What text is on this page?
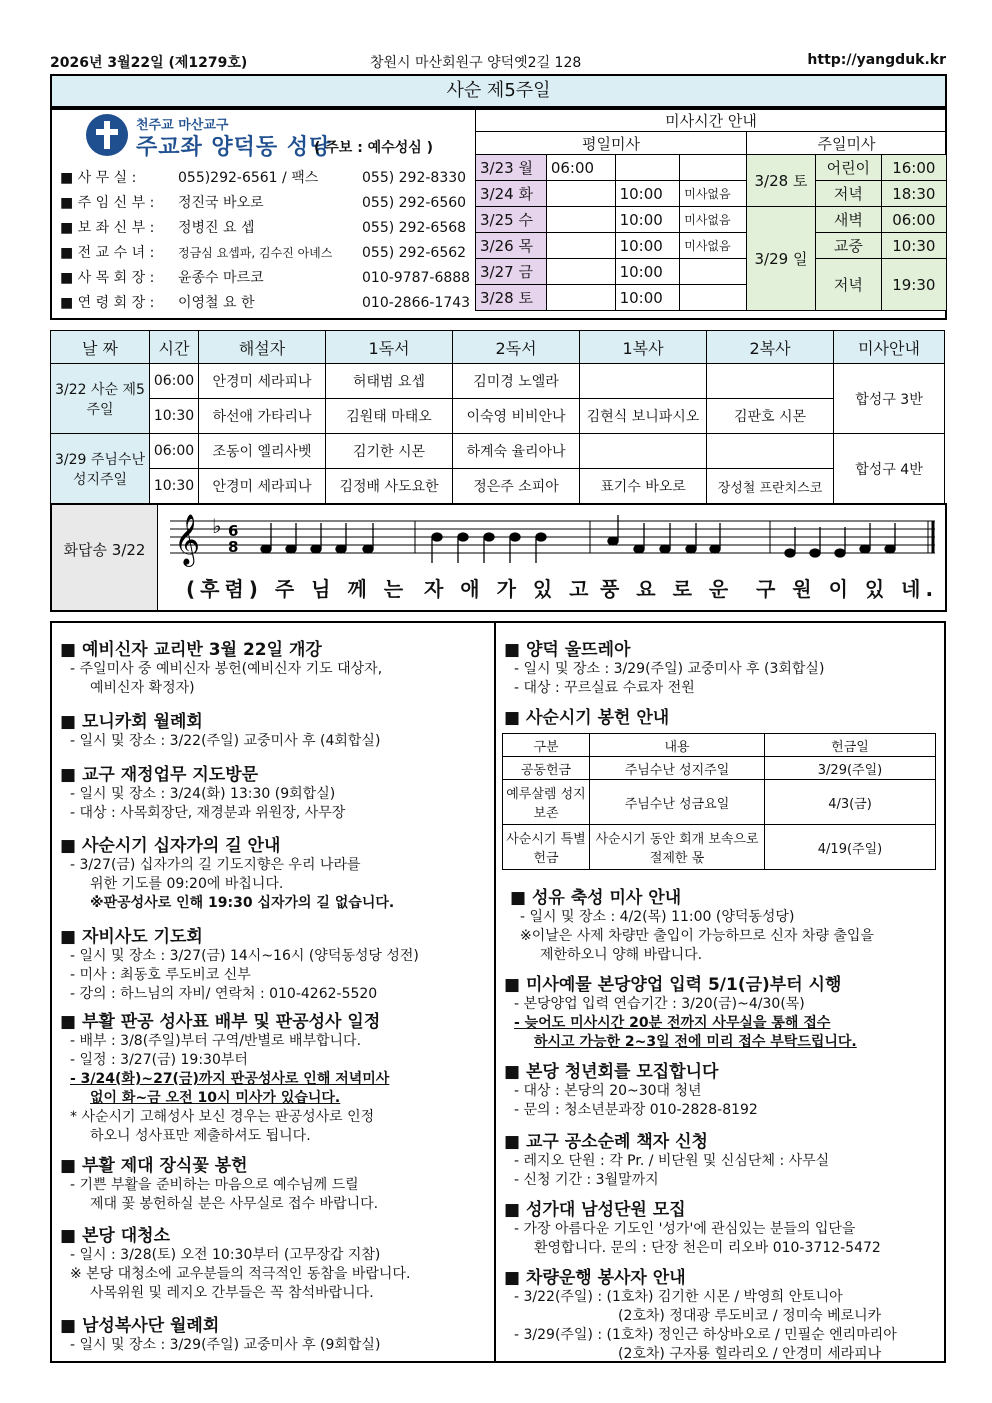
2026년 3월22일 (제1279호)	창원시 마산회원구 양덕옛2길 128	http://yangduk.kr
사순 제5주일
천주교 마산교구
주교좌 양덕동 성당
( 주보 : 예수성심 )
■ 사 무 실 :	055)292-6561 / 팩스	055) 292-8330
■ 주 임 신 부 : 정진국 바오로	055) 292-6560
■ 보 좌 신 부 : 정병진 요 셉	055) 292-6568
■ 전 교 수 녀 : 정금심 요셉파, 김수진 아녜스 055) 292-6562
■ 사 목 회 장 : 윤종수 마르코	010-9787-6888
■ 연 령 회 장 : 이영철 요 한	010-2866-1743
미사시간 안내						
평일미사				주일미사		
3/23 월	06:00			3/28 토	어린이	16:00
3/24 화		10:00	미사없음		저녁	18:30
3/25 수		10:00	미사없음	3/29 일	새벽	06:00
3/26 목		10:00	미사없음		교중	10:30
3/27 금		10:00			저녁	19:30
3/28 토		10:00				
날 짜	시간	해설자	1독서	2독서	1복사	2복사	미사안내
3/22 사순 제5주일	06:00	안경미 세라피나	허태범 요셉	김미경 노엘라			합성구 3반
	10:30	하선애 가타리나	김원태 마태오	이숙영 비비안나	김현식 보니파시오	김판호 시몬	
3/29 주님수난 성지주일	06:00	조동이 엘리사벳	김기한 시몬	하계숙 율리아나			합성구 4반
	10:30	안경미 세라피나	김정배 사도요한	정은주 소피아	표기수 바오로	장성철 프란치스코	
화답송 3/22 𝄞 ♭ 6
8
(후렴) 주 님 께 는 자 애 가 있 고 풍 요 로 운 구 원 이 있 네.
■ 예비신자 교리반 3월 22일 개강

- 주일미사 중 예비신자 봉헌(예비신자 기도 대상자,

예비신자 확정자)

■ 모니카회 월례회

- 일시 및 장소 : 3/22(주일) 교중미사 후 (4회합실)

■ 교구 재정업무 지도방문

- 일시 및 장소 : 3/24(화) 13:30 (9회합실)

- 대상 : 사목회장단, 재경분과 위원장, 사무장

■ 사순시기 십자가의 길 안내

- 3/27(금) 십자가의 길 기도지향은 우리 나라를

위한 기도를 09:20에 바칩니다.

※판공성사로 인해 19:30 십자가의 길 없습니다.

■ 자비사도 기도회

- 일시 및 장소 : 3/27(금) 14시~16시 (양덕동성당 성전)

- 미사 : 최동호 루도비코 신부

- 강의 : 하느님의 자비/ 연락처 : 010-4262-5520

■ 부활 판공 성사표 배부 및 판공성사 일정

- 배부 : 3/8(주일)부터 구역/반별로 배부합니다.

- 일정 : 3/27(금) 19:30부터

- 3/24(화)~27(금)까지 판공성사로 인해 저녁미사

없이 화~금 오전 10시 미사가 있습니다.

* 사순시기 고해성사 보신 경우는 판공성사로 인정

하오니 성사표만 제출하셔도 됩니다.

■ 부활 제대 장식꽃 봉헌

- 기쁜 부활을 준비하는 마음으로 예수님께 드릴

제대 꽃 봉헌하실 분은 사무실로 접수 바랍니다.

■ 본당 대청소

- 일시 : 3/28(토) 오전 10:30부터 (고무장갑 지참)

※ 본당 대청소에 교우분들의 적극적인 동참을 바랍니다.

사목위원 및 레지오 간부들은 꼭 참석바랍니다.

■ 남성복사단 월례회

- 일시 및 장소 : 3/29(주일) 교중미사 후 (9회합실)

■ 양덕 울뜨레아

- 일시 및 장소 : 3/29(주일) 교중미사 후 (3회합실)

- 대상 : 꾸르실료 수료자 전원

■ 사순시기 봉헌 안내
구분	내용	헌금일
공동헌금	주님수난 성지주일	3/29(주일)
예루살렘 성지보존	주님수난 성금요일	4/3(금)
사순시기 특별헌금	사순시기 동안 회개 보속으로 절제한 몫	4/19(주일)
■ 성유 축성 미사 안내

- 일시 및 장소 : 4/2(목) 11:00 (양덕동성당)

※이날은 사제 차량만 출입이 가능하므로 신자 차량 출입을

제한하오니 양해 바랍니다.

■ 미사예물 본당양업 입력 5/1(금)부터 시행

- 본당양업 입력 연습기간 : 3/20(금)~4/30(목)

- 늦어도 미사시간 20분 전까지 사무실을 통해 접수

하시고 가능한 2~3일 전에 미리 접수 부탁드립니다.

■ 본당 청년회를 모집합니다

- 대상 : 본당의 20~30대 청년

- 문의 : 청소년분과장 010-2828-8192

■ 교구 공소순례 책자 신청

- 레지오 단원 : 각 Pr. / 비단원 및 신심단체 : 사무실

- 신청 기간 : 3월말까지

■ 성가대 남성단원 모집

- 가장 아름다운 기도인 '성가'에 관심있는 분들의 입단을

환영합니다. 문의 : 단장 천은미 리오바 010-3712-5472

■ 차량운행 봉사자 안내

- 3/22(주일) : (1호차) 김기한 시몬 / 박영희 안토니아

(2호차) 정대광 루도비코 / 정미숙 베로니카

- 3/29(주일) : (1호차) 정인근 하상바오로 / 민필순 엔리마리아

(2호차) 구자룡 힐라리오 / 안경미 세라피나
